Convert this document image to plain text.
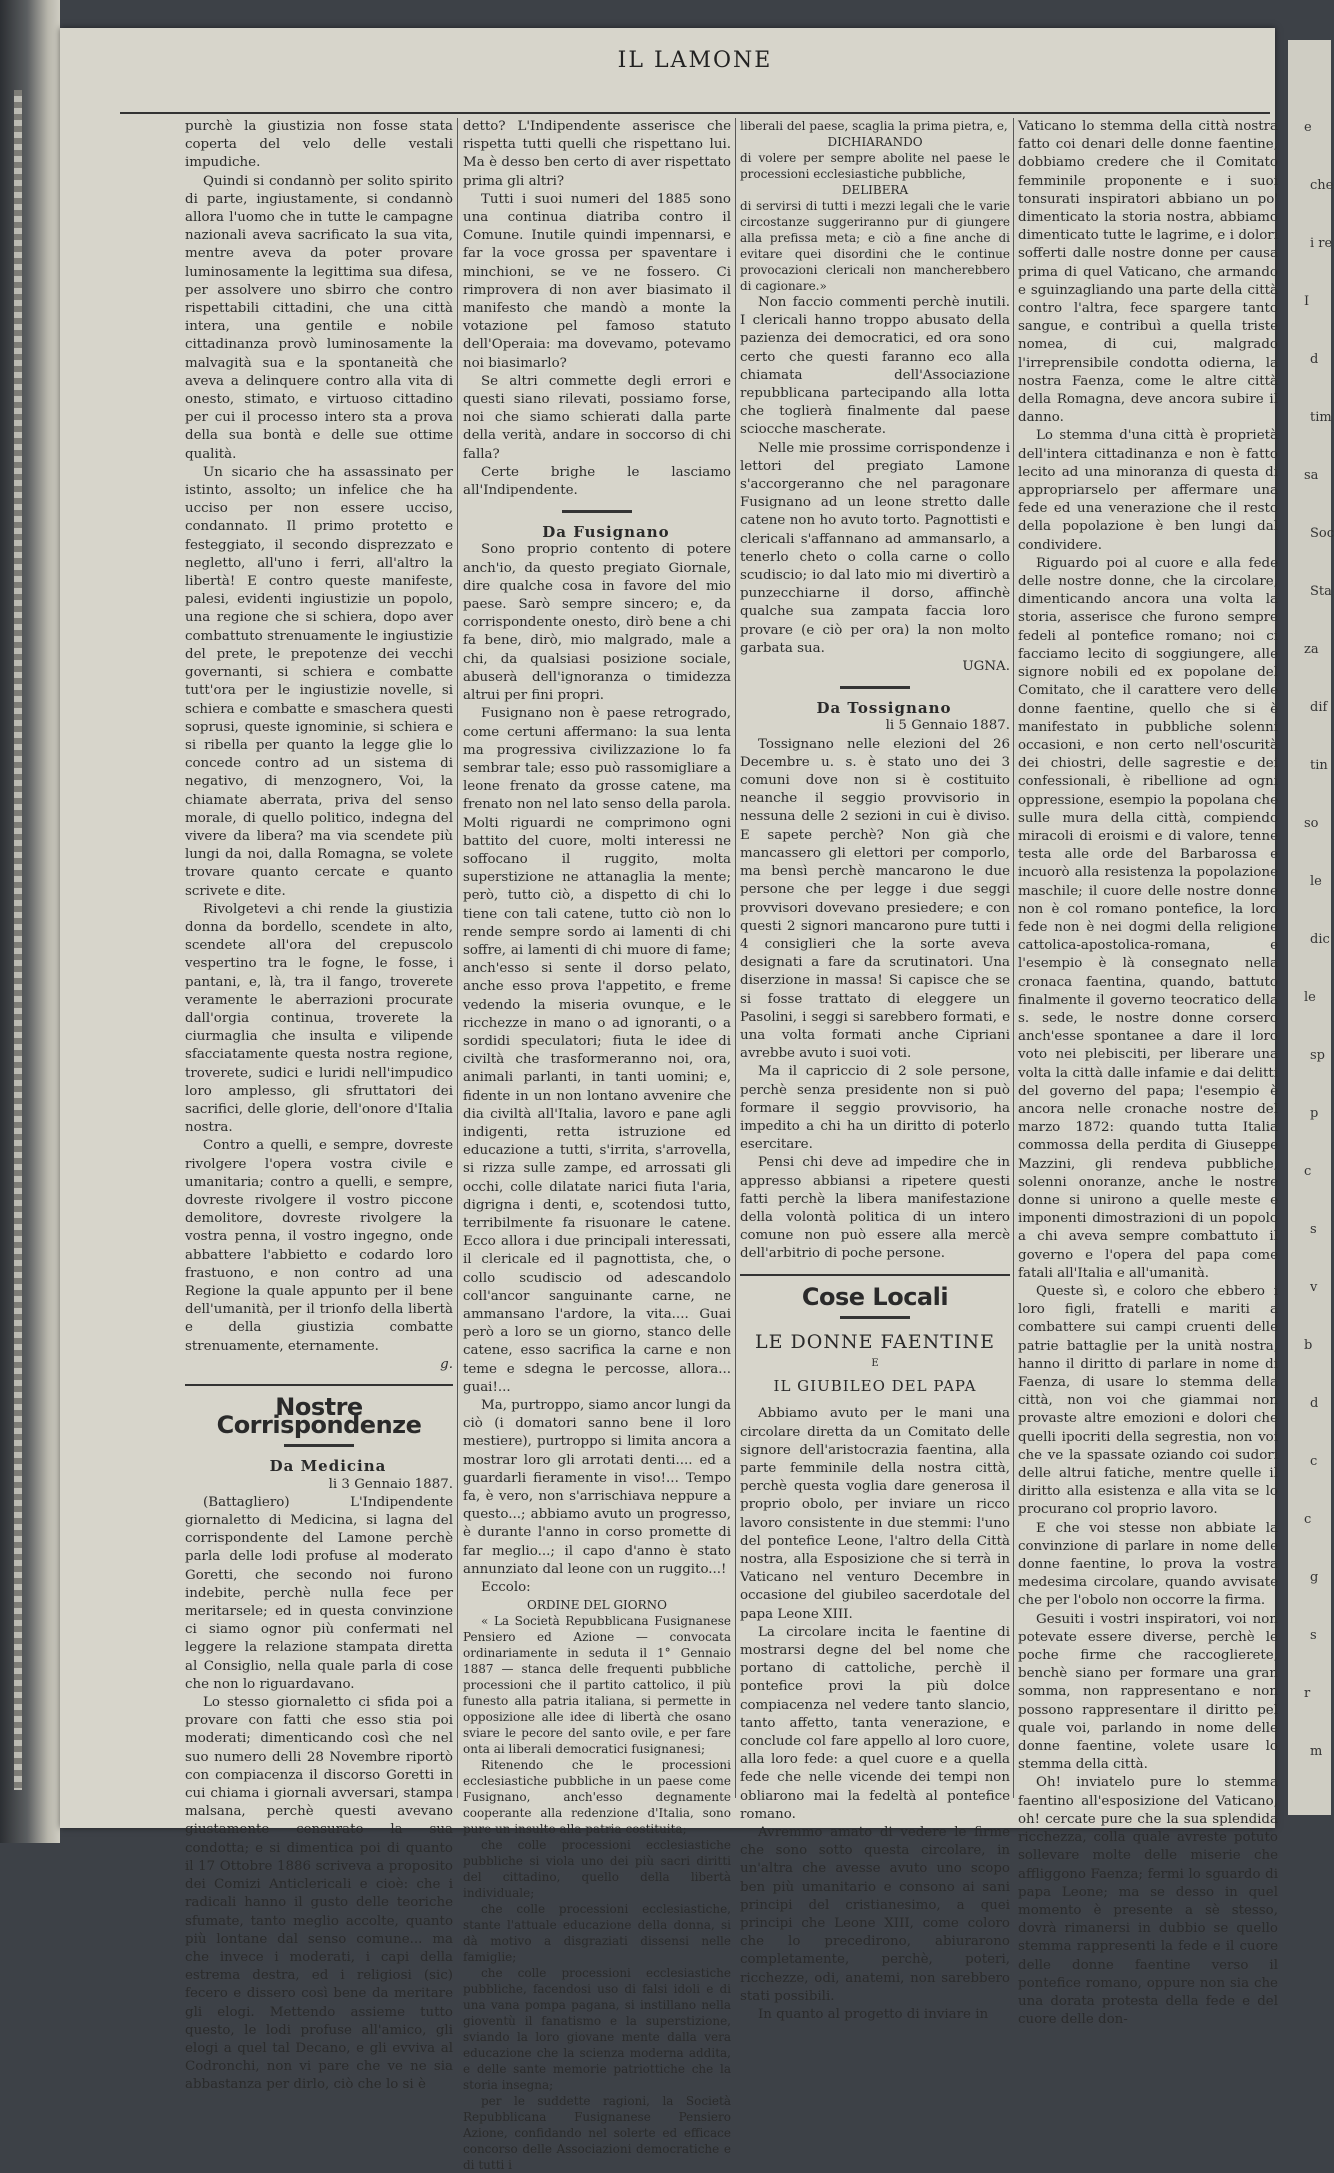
e
che
i re
I
d
tim
sa
Soc
Sta
za
dif
tin
so
le
dic
le
sp
p
c
s
v
b
d
c
c
g
s
r
m
IL LAMONE

purchè la giustizia non fosse stata coperta del velo delle vestali impudiche.

Quindi si condannò per solito spirito di parte, ingiustamente, si condannò allora l'uomo che in tutte le campagne nazionali aveva sacrificato la sua vita, mentre aveva da poter provare luminosamente la legittima sua difesa, per assolvere uno sbirro che contro rispettabili cittadini, che una città intera, una gentile e nobile cittadinanza provò luminosamente la malvagità sua e la spontaneità che aveva a delinquere contro alla vita di onesto, stimato, e virtuoso cittadino per cui il processo intero sta a prova della sua bontà e delle sue ottime qualità.

Un sicario che ha assassinato per istinto, assolto; un infelice che ha ucciso per non essere ucciso, condannato. Il primo protetto e festeggiato, il secondo disprezzato e negletto, all'uno i ferri, all'altro la libertà! E contro queste manifeste, palesi, evidenti ingiustizie un popolo, una regione che si schiera, dopo aver combattuto strenuamente le ingiustizie del prete, le prepotenze dei vecchi governanti, si schiera e combatte tutt'ora per le ingiustizie novelle, si schiera e combatte e smaschera questi soprusi, queste ignominie, si schiera e si ribella per quanto la legge glie lo concede contro ad un sistema di negativo, di menzognero, Voi, la chiamate aberrata, priva del senso morale, di quello politico, indegna del vivere da libera? ma via scendete più lungi da noi, dalla Romagna, se volete trovare quanto cercate e quanto scrivete e dite.

Rivolgetevi a chi rende la giustizia donna da bordello, scendete in alto, scendete all'ora del crepuscolo vespertino tra le fogne, le fosse, i pantani, e, là, tra il fango, troverete veramente le aberrazioni procurate dall'orgia continua, troverete la ciurmaglia che insulta e vilipende sfacciatamente questa nostra regione, troverete, sudici e luridi nell'impudico loro amplesso, gli sfruttatori dei sacrifici, delle glorie, dell'onore d'Italia nostra.

Contro a quelli, e sempre, dovreste rivolgere l'opera vostra civile e umanitaria; contro a quelli, e sempre, dovreste rivolgere il vostro piccone demolitore, dovreste rivolgere la vostra penna, il vostro ingegno, onde abbattere l'abbietto e codardo loro frastuono, e non contro ad una Regione la quale appunto per il bene dell'umanità, per il trionfo della libertà e della giustizia combatte strenuamente, eternamente.

g.

Nostre Corrispondenze

Da Medicina

li 3 Gennaio 1887.

(Battagliero) L'Indipendente giornaletto di Medicina, si lagna del corrispondente del Lamone perchè parla delle lodi profuse al moderato Goretti, che secondo noi furono indebite, perchè nulla fece per meritarsele; ed in questa convinzione ci siamo ognor più confermati nel leggere la relazione stampata diretta al Consiglio, nella quale parla di cose che non lo riguardavano.

Lo stesso giornaletto ci sfida poi a provare con fatti che esso stia poi moderati; dimenticando così che nel suo numero delli 28 Novembre riportò con compiacenza il discorso Goretti in cui chiama i giornali avversari, stampa malsana, perchè questi avevano giustamente censurato la sua condotta; e si dimentica poi di quanto il 17 Ottobre 1886 scriveva a proposito dei Comizi Anticlericali e cioè: che i radicali hanno il gusto delle teoriche sfumate, tanto meglio accolte, quanto più lontane dal senso comune... ma che invece i moderati, i capi della estrema destra, ed i religiosi (sic) fecero e dissero così bene da meritare gli elogi. Mettendo assieme tutto questo, le lodi profuse all'amico, gli elogi a quel tal Decano, e gli evviva al Codronchi, non vi pare che ve ne sia abbastanza per dirlo, ciò che lo si è

detto? L'Indipendente asserisce che rispetta tutti quelli che rispettano lui. Ma è desso ben certo di aver rispettato prima gli altri?

Tutti i suoi numeri del 1885 sono una continua diatriba contro il Comune. Inutile quindi impennarsi, e far la voce grossa per spaventare i minchioni, se ve ne fossero. Ci rimprovera di non aver biasimato il manifesto che mandò a monte la votazione pel famoso statuto dell'Operaia: ma dovevamo, potevamo noi biasimarlo?

Se altri commette degli errori e questi siano rilevati, possiamo forse, noi che siamo schierati dalla parte della verità, andare in soccorso di chi falla?

Certe brighe le lasciamo all'Indipendente.

Da Fusignano

Sono proprio contento di potere anch'io, da questo pregiato Giornale, dire qualche cosa in favore del mio paese. Sarò sempre sincero; e, da corrispondente onesto, dirò bene a chi fa bene, dirò, mio malgrado, male a chi, da qualsiasi posizione sociale, abuserà dell'ignoranza o timidezza altrui per fini propri.

Fusignano non è paese retrogrado, come certuni affermano: la sua lenta ma progressiva civilizzazione lo fa sembrar tale; esso può rassomigliare a leone frenato da grosse catene, ma frenato non nel lato senso della parola. Molti riguardi ne comprimono ogni battito del cuore, molti interessi ne soffocano il ruggito, molta superstizione ne attanaglia la mente; però, tutto ciò, a dispetto di chi lo tiene con tali catene, tutto ciò non lo rende sempre sordo ai lamenti di chi soffre, ai lamenti di chi muore di fame; anch'esso si sente il dorso pelato, anche esso prova l'appetito, e freme vedendo la miseria ovunque, e le ricchezze in mano o ad ignoranti, o a sordidi speculatori; fiuta le idee di civiltà che trasformeranno noi, ora, animali parlanti, in tanti uomini; e, fidente in un non lontano avvenire che dia civiltà all'Italia, lavoro e pane agli indigenti, retta istruzione ed educazione a tutti, s'irrita, s'arrovella, si rizza sulle zampe, ed arrossati gli occhi, colle dilatate narici fiuta l'aria, digrigna i denti, e, scotendosi tutto, terribilmente fa risuonare le catene. Ecco allora i due principali interessati, il clericale ed il pagnottista, che, o collo scudiscio od adescandolo coll'ancor sanguinante carne, ne ammansano l'ardore, la vita.... Guai però a loro se un giorno, stanco delle catene, esso sacrifica la carne e non teme e sdegna le percosse, allora... guai!...

Ma, purtroppo, siamo ancor lungi da ciò (i domatori sanno bene il loro mestiere), purtroppo si limita ancora a mostrar loro gli arrotati denti.... ed a guardarli fieramente in viso!... Tempo fa, è vero, non s'arrischiava neppure a questo...; abbiamo avuto un progresso, è durante l'anno in corso promette di far meglio...; il capo d'anno è stato annunziato dal leone con un ruggito...!

Eccolo:

ORDINE DEL GIORNO

« La Società Repubblicana Fusignanese Pensiero ed Azione — convocata ordinariamente in seduta il 1° Gennaio 1887 — stanca delle frequenti pubbliche processioni che il partito cattolico, il più funesto alla patria italiana, si permette in opposizione alle idee di libertà che osano sviare le pecore del santo ovile, e per fare onta ai liberali democratici fusignanesi;

Ritenendo che le processioni ecclesiastiche pubbliche in un paese come Fusignano, anch'esso degnamente cooperante alla redenzione d'Italia, sono pure un insulto alla patria costituita;

che colle processioni ecclesiastiche pubbliche si viola uno dei più sacri diritti del cittadino, quello della libertà individuale;

che colle processioni ecclesiastiche, stante l'attuale educazione della donna, si dà motivo a disgraziati dissensi nelle famiglie;

che colle processioni ecclesiastiche pubbliche, facendosi uso di falsi idoli e di una vana pompa pagana, si instillano nella gioventù il fanatismo e la superstizione, sviando la loro giovane mente dalla vera educazione che la scienza moderna addita, e delle sante memorie patriottiche che la storia insegna;

per le suddette ragioni, la Società Repubblicana Fusignanese Pensiero Azione, confidando nel solerte ed efficace concorso delle Associazioni democratiche e di tutti i

liberali del paese, scaglia la prima pietra, e,

DICHIARANDO

di volere per sempre abolite nel paese le processioni ecclesiastiche pubbliche,

DELIBERA

di servirsi di tutti i mezzi legali che le varie circostanze suggeriranno pur di giungere alla prefissa meta; e ciò a fine anche di evitare quei disordini che le continue provocazioni clericali non mancherebbero di cagionare.»

Non faccio commenti perchè inutili. I clericali hanno troppo abusato della pazienza dei democratici, ed ora sono certo che questi faranno eco alla chiamata dell'Associazione repubblicana partecipando alla lotta che toglierà finalmente dal paese sciocche mascherate.

Nelle mie prossime corrispondenze i lettori del pregiato Lamone s'accorgeranno che nel paragonare Fusignano ad un leone stretto dalle catene non ho avuto torto. Pagnottisti e clericali s'affannano ad ammansarlo, a tenerlo cheto o colla carne o collo scudiscio; io dal lato mio mi divertirò a punzecchiarne il dorso, affinchè qualche sua zampata faccia loro provare (e ciò per ora) la non molto garbata sua.

UGNA.

Da Tossignano

li 5 Gennaio 1887.

Tossignano nelle elezioni del 26 Decembre u. s. è stato uno dei 3 comuni dove non si è costituito neanche il seggio provvisorio in nessuna delle 2 sezioni in cui è diviso. E sapete perchè? Non già che mancassero gli elettori per comporlo, ma bensì perchè mancarono le due persone che per legge i due seggi provvisori dovevano presiedere; e con questi 2 signori mancarono pure tutti i 4 consiglieri che la sorte aveva designati a fare da scrutinatori. Una diserzione in massa! Si capisce che se si fosse trattato di eleggere un Pasolini, i seggi si sarebbero formati, e una volta formati anche Cipriani avrebbe avuto i suoi voti.

Ma il capriccio di 2 sole persone, perchè senza presidente non si può formare il seggio provvisorio, ha impedito a chi ha un diritto di poterlo esercitare.

Pensi chi deve ad impedire che in appresso abbiansi a ripetere questi fatti perchè la libera manifestazione della volontà politica di un intero comune non può essere alla mercè dell'arbitrio di poche persone.

Cose Locali
LE DONNE FAENTINE
E
IL GIUBILEO DEL PAPA

Abbiamo avuto per le mani una circolare diretta da un Comitato delle signore dell'aristocrazia faentina, alla parte femminile della nostra città, perchè questa voglia dare generosa il proprio obolo, per inviare un ricco lavoro consistente in due stemmi: l'uno del pontefice Leone, l'altro della Città nostra, alla Esposizione che si terrà in Vaticano nel venturo Decembre in occasione del giubileo sacerdotale del papa Leone XIII.

La circolare incita le faentine di mostrarsi degne del bel nome che portano di cattoliche, perchè il pontefice provi la più dolce compiacenza nel vedere tanto slancio, tanto affetto, tanta venerazione, e conclude col fare appello al loro cuore, alla loro fede: a quel cuore e a quella fede che nelle vicende dei tempi non obliarono mai la fedeltà al pontefice romano.

Avremmo amato di vedere le firme che sono sotto questa circolare, in un'altra che avesse avuto uno scopo ben più umanitario e consono ai sani principi del cristianesimo, a quei principi che Leone XIII, come coloro che lo precedirono, abiurarono completamente, perchè, poteri, ricchezze, odi, anatemi, non sarebbero stati possibili.

In quanto al progetto di inviare in

Vaticano lo stemma della città nostra fatto coi denari delle donne faentine, dobbiamo credere che il Comitato femminile proponente e i suoi tonsurati inspiratori abbiano un po' dimenticato la storia nostra, abbiamo dimenticato tutte le lagrime, e i dolori sofferti dalle nostre donne per causa prima di quel Vaticano, che armando e sguinzagliando una parte della città contro l'altra, fece spargere tanto sangue, e contribuì a quella triste nomea, di cui, malgrado l'irreprensibile condotta odierna, la nostra Faenza, come le altre città della Romagna, deve ancora subire il danno.

Lo stemma d'una città è proprietà dell'intera cittadinanza e non è fatto lecito ad una minoranza di questa di appropriarselo per affermare una fede ed una venerazione che il resto della popolazione è ben lungi dal condividere.

Riguardo poi al cuore e alla fede delle nostre donne, che la circolare, dimenticando ancora una volta la storia, asserisce che furono sempre fedeli al pontefice romano; noi ci facciamo lecito di soggiungere, alle signore nobili ed ex popolane del Comitato, che il carattere vero delle donne faentine, quello che si è manifestato in pubbliche solenni occasioni, e non certo nell'oscurità dei chiostri, delle sagrestie e dei confessionali, è ribellione ad ogni oppressione, esempio la popolana che sulle mura della città, compiendo miracoli di eroismi e di valore, tenne testa alle orde del Barbarossa e incuorò alla resistenza la popolazione maschile; il cuore delle nostre donne non è col romano pontefice, la loro fede non è nei dogmi della religione cattolica-apostolica-romana, e l'esempio è là consegnato nella cronaca faentina, quando, battuto finalmente il governo teocratico della s. sede, le nostre donne corsero anch'esse spontanee a dare il loro voto nei plebisciti, per liberare una volta la città dalle infamie e dai delitti del governo del papa; l'esempio è ancora nelle cronache nostre del marzo 1872: quando tutta Italia commossa della perdita di Giuseppe Mazzini, gli rendeva pubbliche, solenni onoranze, anche le nostre donne si unirono a quelle meste e imponenti dimostrazioni di un popolo a chi aveva sempre combattuto il governo e l'opera del papa come fatali all'Italia e all'umanità.

Queste sì, e coloro che ebbero i loro figli, fratelli e mariti a combattere sui campi cruenti delle patrie battaglie per la unità nostra, hanno il diritto di parlare in nome di Faenza, di usare lo stemma della città, non voi che giammai non provaste altre emozioni e dolori che quelli ipocriti della segrestia, non voi che ve la spassate oziando coi sudori delle altrui fatiche, mentre quelle il diritto alla esistenza e alla vita se lo procurano col proprio lavoro.

E che voi stesse non abbiate la convinzione di parlare in nome delle donne faentine, lo prova la vostra medesima circolare, quando avvisate che per l'obolo non occorre la firma.

Gesuiti i vostri inspiratori, voi non potevate essere diverse, perchè le poche firme che raccoglierete, benchè siano per formare una gran somma, non rappresentano e non possono rappresentare il diritto pel quale voi, parlando in nome delle donne faentine, volete usare lo stemma della città.

Oh! inviatelo pure lo stemma faentino all'esposizione del Vaticano, oh! cercate pure che la sua splendida ricchezza, colla quale avreste potuto sollevare molte delle miserie che affliggono Faenza; fermi lo sguardo di papa Leone; ma se desso in quel momento è presente a sè stesso, dovrà rimanersi in dubbio se quello stemma rappresenti la fede e il cuore delle donne faentine verso il pontefice romano, oppure non sia che una dorata protesta della fede e del cuore delle don-
